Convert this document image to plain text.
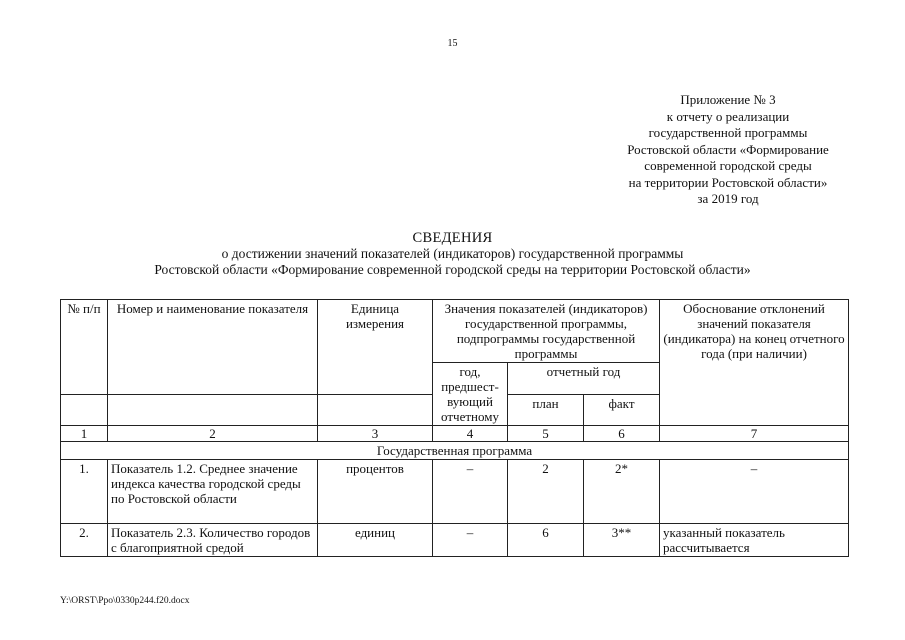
15
Приложение № 3
к отчету о реализации
государственной программы
Ростовской области «Формирование
современной городской среды
на территории Ростовской области»
за 2019 год
СВЕДЕНИЯ
о достижении значений показателей (индикаторов) государственной программы
Ростовской области «Формирование современной городской среды на территории Ростовской области»
№ п/п	Номер и наименование показателя	Единица измерения	Значения показателей (индикаторов) государственной программы, подпрограммы государственной программы			Обоснование отклонений значений показателя (индикатора) на конец отчетного года (при наличии)
			год, предшест-вующий отчетному	отчетный год		
				план	факт	
1	2	3	4	5	6	7
Государственная программа						
1.	Показатель 1.2. Среднее значение индекса качества городской среды по Ростовской области	процентов	–	2	2*	–
2.	Показатель 2.3. Количество городов с благоприятной средой	единиц	–	6	3**	указанный показатель рассчитывается
Y:\ORST\Ppo\0330p244.f20.docx
